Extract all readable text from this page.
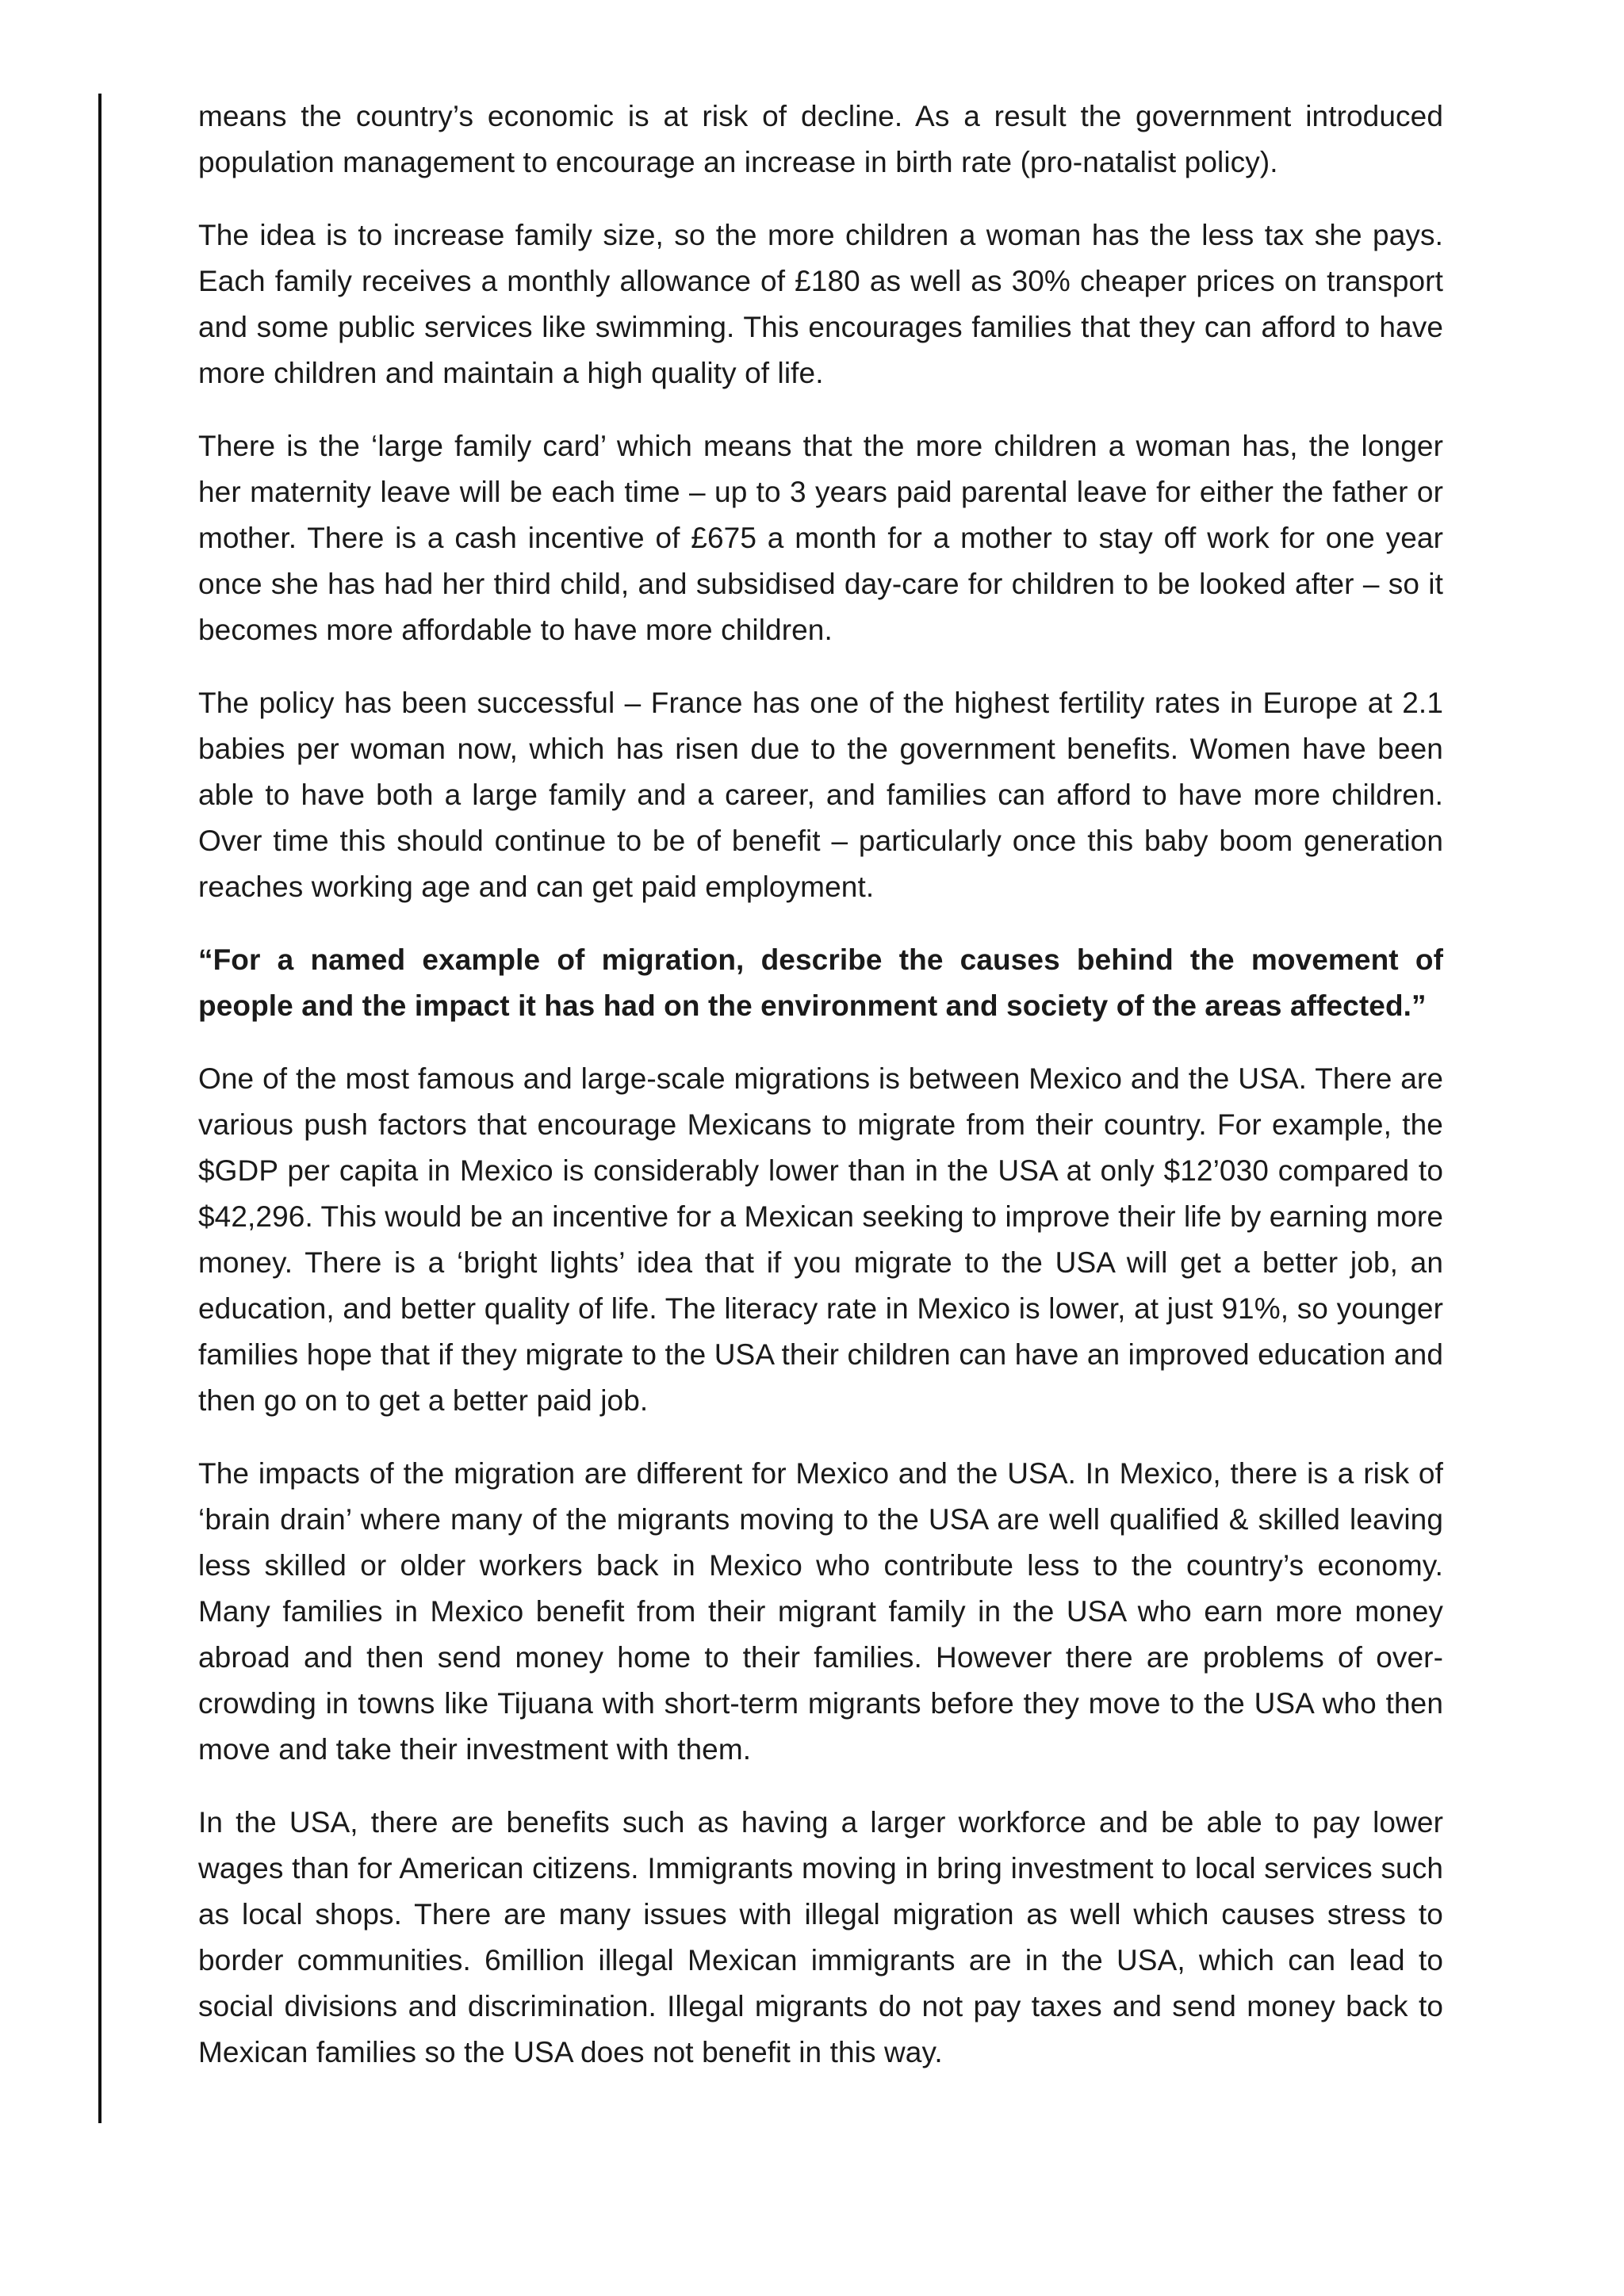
means the country’s economic is at risk of decline. As a result the government introduced population management to encourage an increase in birth rate (pro-natalist policy).

The idea is to increase family size, so the more children a woman has the less tax she pays. Each family receives a monthly allowance of £180 as well as 30% cheaper prices on transport and some public services like swimming. This encourages families that they can afford to have more children and maintain a high quality of life.

There is the ‘large family card’ which means that the more children a woman has, the longer her maternity leave will be each time – up to 3 years paid parental leave for either the father or mother. There is a cash incentive of £675 a month for a mother to stay off work for one year once she has had her third child, and subsidised day-care for children to be looked after – so it becomes more affordable to have more children.

The policy has been successful – France has one of the highest fertility rates in Europe at 2.1 babies per woman now, which has risen due to the government benefits. Women have been able to have both a large family and a career, and families can afford to have more children. Over time this should continue to be of benefit – particularly once this baby boom generation reaches working age and can get paid employment.

“For a named example of migration, describe the causes behind the movement of people and the impact it has had on the environment and society of the areas affected.”

One of the most famous and large-scale migrations is between Mexico and the USA. There are various push factors that encourage Mexicans to migrate from their country. For example, the $GDP per capita in Mexico is considerably lower than in the USA at only $12’030 compared to $42,296. This would be an incentive for a Mexican seeking to improve their life by earning more money. There is a ‘bright lights’ idea that if you migrate to the USA will get a better job, an education, and better quality of life. The literacy rate in Mexico is lower, at just 91%, so younger families hope that if they migrate to the USA their children can have an improved education and then go on to get a better paid job.

The impacts of the migration are different for Mexico and the USA. In Mexico, there is a risk of ‘brain drain’ where many of the migrants moving to the USA are well qualified & skilled leaving less skilled or older workers back in Mexico who contribute less to the country’s economy. Many families in Mexico benefit from their migrant family in the USA who earn more money abroad and then send money home to their families. However there are problems of over-crowding in towns like Tijuana with short-term migrants before they move to the USA who then move and take their investment with them.

In the USA, there are benefits such as having a larger workforce and be able to pay lower wages than for American citizens. Immigrants moving in bring investment to local services such as local shops. There are many issues with illegal migration as well which causes stress to border communities. 6million illegal Mexican immigrants are in the USA, which can lead to social divisions and discrimination. Illegal migrants do not pay taxes and send money back to Mexican families so the USA does not benefit in this way.
